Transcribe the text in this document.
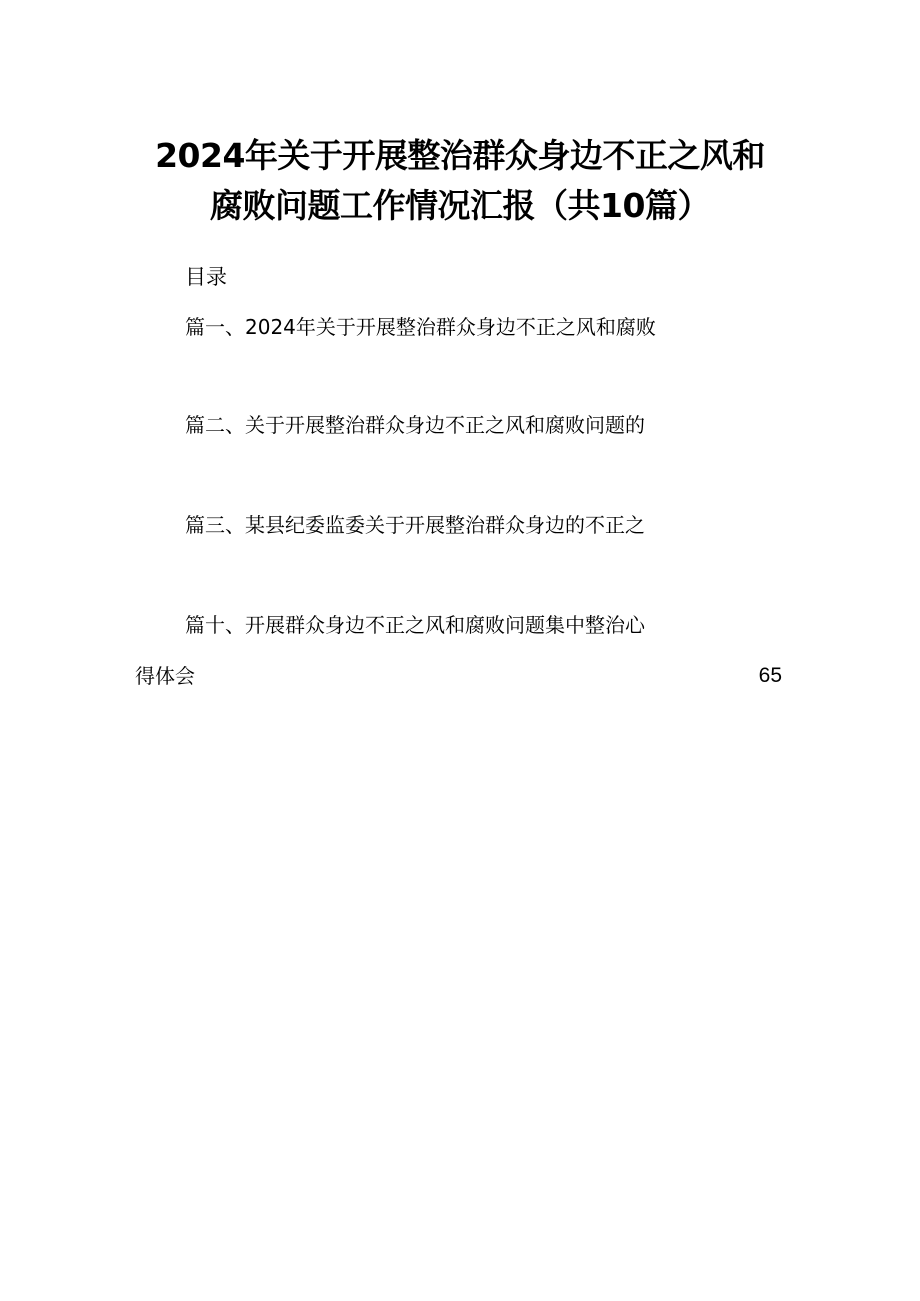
2024年关于开展整治群众身边不正之风和
腐败问题工作情况汇报（共10篇）
目录
篇一、2024年关于开展整治群众身边不正之风和腐败
篇二、关于开展整治群众身边不正之风和腐败问题的
篇三、某县纪委监委关于开展整治群众身边的不正之
篇十、开展群众身边不正之风和腐败问题集中整治心
得体会	65
